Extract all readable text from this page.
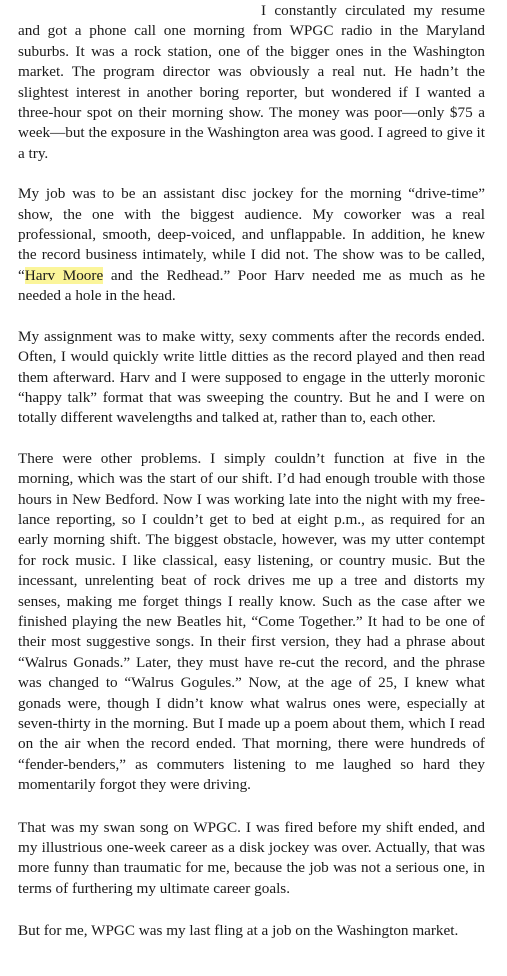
I constantly circulated my resume and got a phone call one morning from WPGC radio in the Maryland suburbs. It was a rock station, one of the bigger ones in the Washington market. The program director was obviously a real nut. He hadn’t the slightest interest in another boring reporter, but wondered if I wanted a three-hour spot on their morning show. The money was poor—only $75 a week—but the exposure in the Washington area was good. I agreed to give it a try.

My job was to be an assistant disc jockey for the morning “drive-time” show, the one with the biggest audience. My coworker was a real professional, smooth, deep-voiced, and unflappable. In addition, he knew the record business intimately, while I did not. The show was to be called, “Harv Moore and the Redhead.” Poor Harv needed me as much as he needed a hole in the head.

My assignment was to make witty, sexy comments after the records ended. Often, I would quickly write little ditties as the record played and then read them afterward. Harv and I were supposed to engage in the utterly moronic “happy talk” format that was sweeping the country. But he and I were on totally different wavelengths and talked at, rather than to, each other.

There were other problems. I simply couldn’t function at five in the morning, which was the start of our shift. I’d had enough trouble with those hours in New Bedford. Now I was working late into the night with my free-lance reporting, so I couldn’t get to bed at eight p.m., as required for an early morning shift. The biggest obstacle, however, was my utter contempt for rock music. I like classical, easy listening, or country music. But the incessant, unrelenting beat of rock drives me up a tree and distorts my senses, making me forget things I really know. Such as the case after we finished playing the new Beatles hit, “Come Together.” It had to be one of their most suggestive songs. In their first version, they had a phrase about “Walrus Gonads.” Later, they must have re-cut the record, and the phrase was changed to “Walrus Gogules.” Now, at the age of 25, I knew what gonads were, though I didn’t know what walrus ones were, especially at seven-thirty in the morning. But I made up a poem about them, which I read on the air when the record ended. That morning, there were hundreds of “fender-benders,” as commuters listening to me laughed so hard they momentarily forgot they were driving.

That was my swan song on WPGC. I was fired before my shift ended, and my illustrious one-week career as a disk jockey was over. Actually, that was more funny than traumatic for me, because the job was not a serious one, in terms of furthering my ultimate career goals.

But for me, WPGC was my last fling at a job on the Washington market.
